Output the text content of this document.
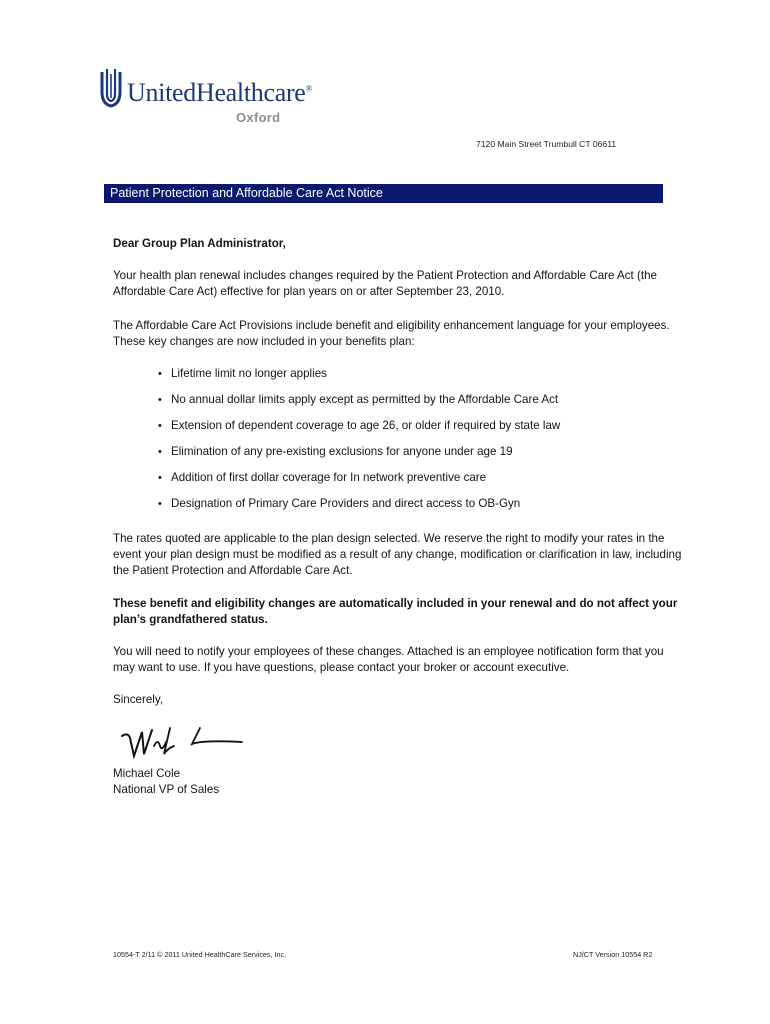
UnitedHealthcare®
Oxford
7120 Main Street Trumbull CT 06611
Patient Protection and Affordable Care Act Notice
Dear Group Plan Administrator,
Your health plan renewal includes changes required by the Patient Protection and Affordable Care Act (the Affordable Care Act) effective for plan years on or after September 23, 2010.
The Affordable Care Act Provisions include benefit and eligibility enhancement language for your employees. These key changes are now included in your benefits plan:
• Lifetime limit no longer applies
• No annual dollar limits apply except as permitted by the Affordable Care Act
• Extension of dependent coverage to age 26, or older if required by state law
• Elimination of any pre-existing exclusions for anyone under age 19
• Addition of first dollar coverage for In network preventive care
• Designation of Primary Care Providers and direct access to OB-Gyn
The rates quoted are applicable to the plan design selected. We reserve the right to modify your rates in the event your plan design must be modified as a result of any change, modification or clarification in law, including the Patient Protection and Affordable Care Act.
These benefit and eligibility changes are automatically included in your renewal and do not affect your plan’s grandfathered status.
You will need to notify your employees of these changes. Attached is an employee notification form that you may want to use. If you have questions, please contact your broker or account executive.
Sincerely,
Michael Cole
National VP of Sales
10554-T 2/11 © 2011 United HealthCare Services, Inc.	NJ/CT Version 10554 R2
